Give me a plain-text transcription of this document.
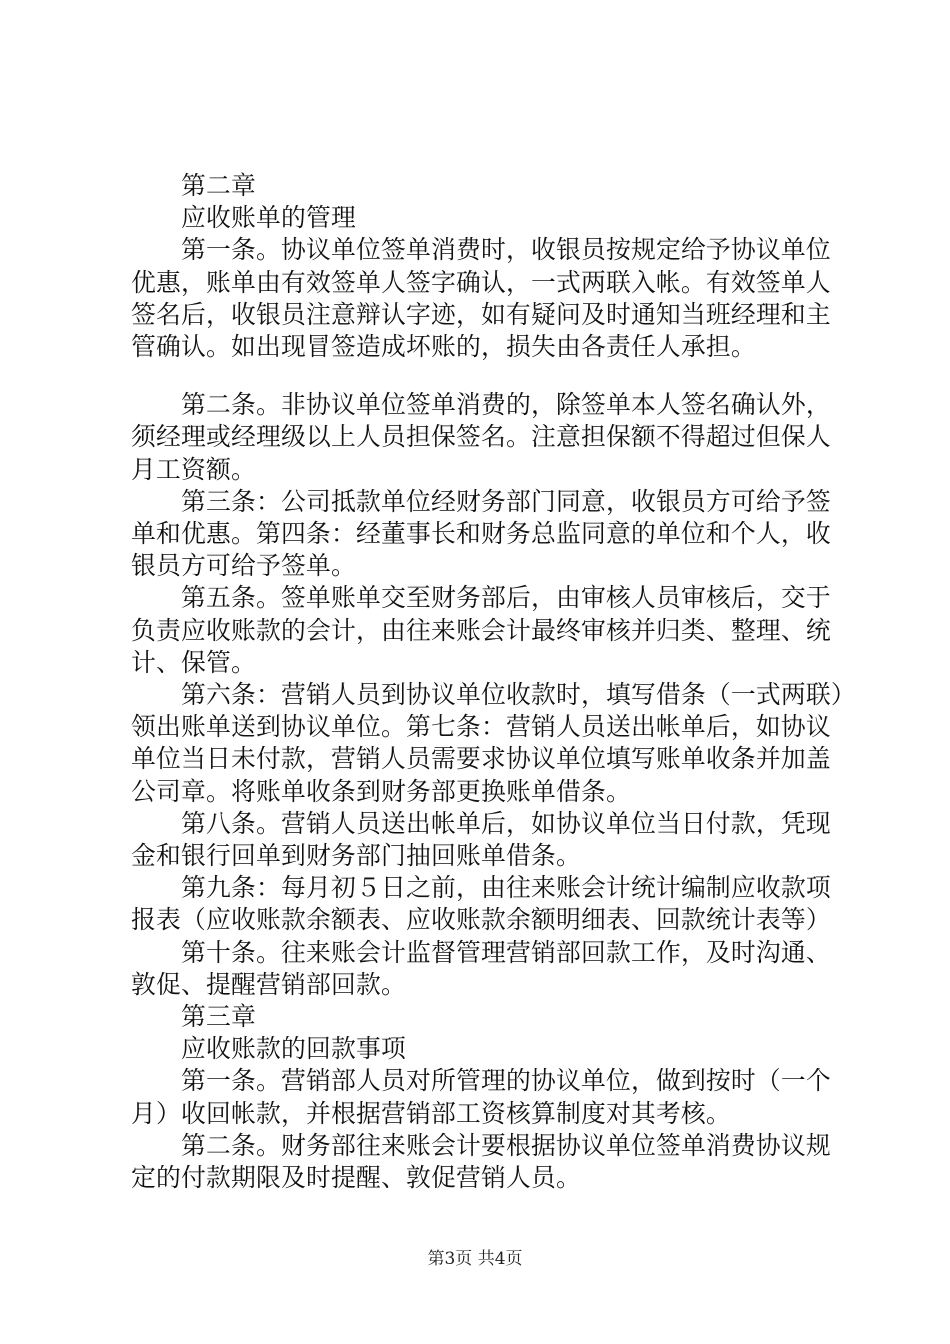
第二章

应收账单的管理

第一条。协议单位签单消费时，收银员按规定给予协议单位优惠，账单由有效签单人签字确认，一式两联入帐。有效签单人签名后，收银员注意辩认字迹，如有疑问及时通知当班经理和主管确认。如出现冒签造成坏账的，损失由各责任人承担。

第二条。非协议单位签单消费的，除签单本人签名确认外，须经理或经理级以上人员担保签名。注意担保额不得超过但保人月工资额。

第三条：公司抵款单位经财务部门同意，收银员方可给予签单和优惠。第四条：经董事长和财务总监同意的单位和个人，收银员方可给予签单。

第五条。签单账单交至财务部后，由审核人员审核后，交于负责应收账款的会计，由往来账会计最终审核并归类、整理、统计、保管。

第六条：营销人员到协议单位收款时，填写借条（一式两联）领出账单送到协议单位。第七条：营销人员送出帐单后，如协议单位当日未付款，营销人员需要求协议单位填写账单收条并加盖公司章。将账单收条到财务部更换账单借条。

第八条。营销人员送出帐单后，如协议单位当日付款，凭现金和银行回单到财务部门抽回账单借条。

第九条：每月初５日之前，由往来账会计统计编制应收款项报表（应收账款余额表、应收账款余额明细表、回款统计表等）

第十条。往来账会计监督管理营销部回款工作，及时沟通、敦促、提醒营销部回款。

第三章

应收账款的回款事项

第一条。营销部人员对所管理的协议单位，做到按时（一个月）收回帐款，并根据营销部工资核算制度对其考核。

第二条。财务部往来账会计要根据协议单位签单消费协议规定的付款期限及时提醒、敦促营销人员。

第3页 共4页
